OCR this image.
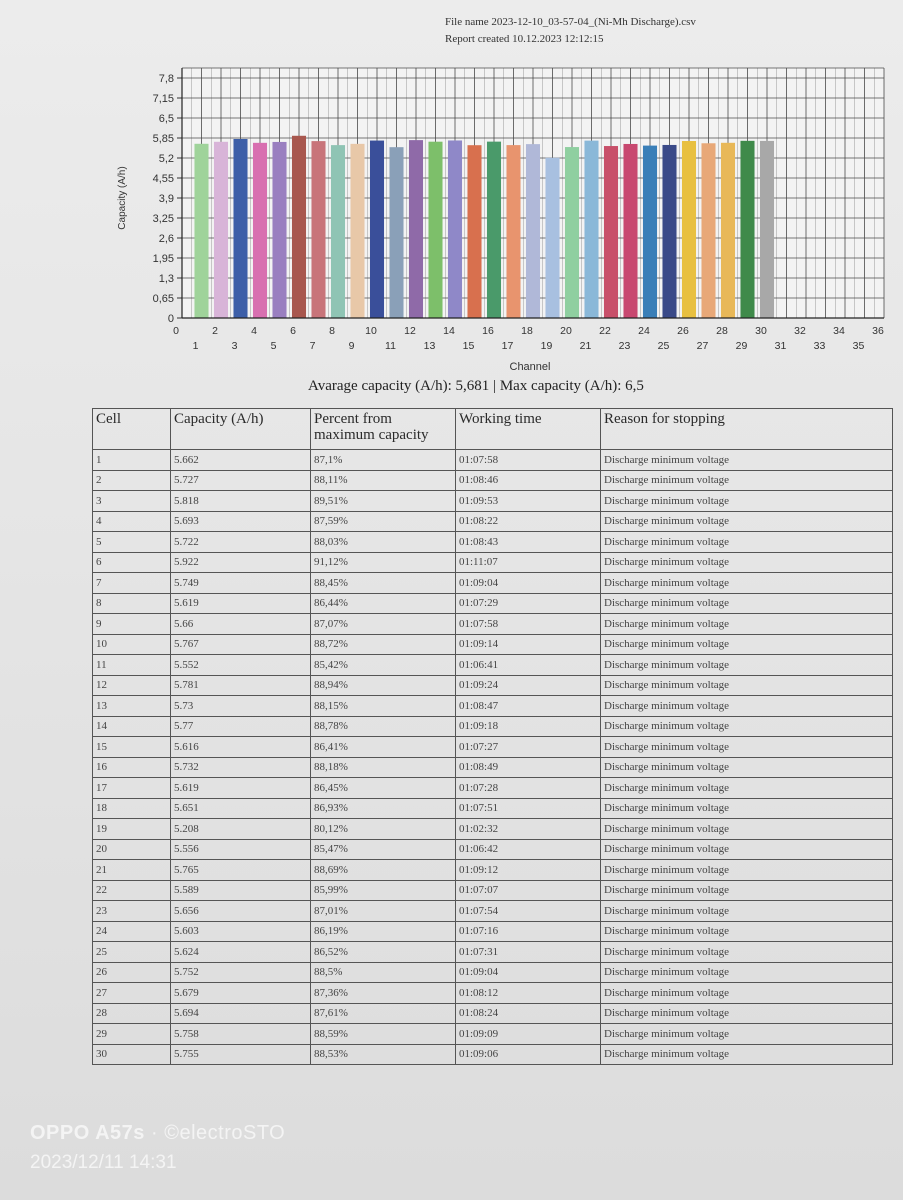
File name 2023-12-10_03-57-04_(Ni-Mh Discharge).csv
Report created 10.12.2023 12:12:15
0
0,65
1,3
1,95
2,6
3,25
3,9
4,55
5,2
5,85
6,5
7,15
7,8
0
1
2
3
4
5
6
7
8
9
10
11
12
13
14
15
16
17
18
19
20
21
22
23
24
25
26
27
28
29
30
31
32
33
34
35
36
Channel
Capacity (A/h)
Avarage capacity (A/h): 5,681 | Max capacity (A/h): 6,5
Cell	Capacity (A/h)	Percent from maximum capacity	Working time	Reason for stopping
1	5.662	87,1%	01:07:58	Discharge minimum voltage
2	5.727	88,11%	01:08:46	Discharge minimum voltage
3	5.818	89,51%	01:09:53	Discharge minimum voltage
4	5.693	87,59%	01:08:22	Discharge minimum voltage
5	5.722	88,03%	01:08:43	Discharge minimum voltage
6	5.922	91,12%	01:11:07	Discharge minimum voltage
7	5.749	88,45%	01:09:04	Discharge minimum voltage
8	5.619	86,44%	01:07:29	Discharge minimum voltage
9	5.66	87,07%	01:07:58	Discharge minimum voltage
10	5.767	88,72%	01:09:14	Discharge minimum voltage
11	5.552	85,42%	01:06:41	Discharge minimum voltage
12	5.781	88,94%	01:09:24	Discharge minimum voltage
13	5.73	88,15%	01:08:47	Discharge minimum voltage
14	5.77	88,78%	01:09:18	Discharge minimum voltage
15	5.616	86,41%	01:07:27	Discharge minimum voltage
16	5.732	88,18%	01:08:49	Discharge minimum voltage
17	5.619	86,45%	01:07:28	Discharge minimum voltage
18	5.651	86,93%	01:07:51	Discharge minimum voltage
19	5.208	80,12%	01:02:32	Discharge minimum voltage
20	5.556	85,47%	01:06:42	Discharge minimum voltage
21	5.765	88,69%	01:09:12	Discharge minimum voltage
22	5.589	85,99%	01:07:07	Discharge minimum voltage
23	5.656	87,01%	01:07:54	Discharge minimum voltage
24	5.603	86,19%	01:07:16	Discharge minimum voltage
25	5.624	86,52%	01:07:31	Discharge minimum voltage
26	5.752	88,5%	01:09:04	Discharge minimum voltage
27	5.679	87,36%	01:08:12	Discharge minimum voltage
28	5.694	87,61%	01:08:24	Discharge minimum voltage
29	5.758	88,59%	01:09:09	Discharge minimum voltage
30	5.755	88,53%	01:09:06	Discharge minimum voltage
OPPO A57s · ©electroSTO
2023/12/11 14:31
